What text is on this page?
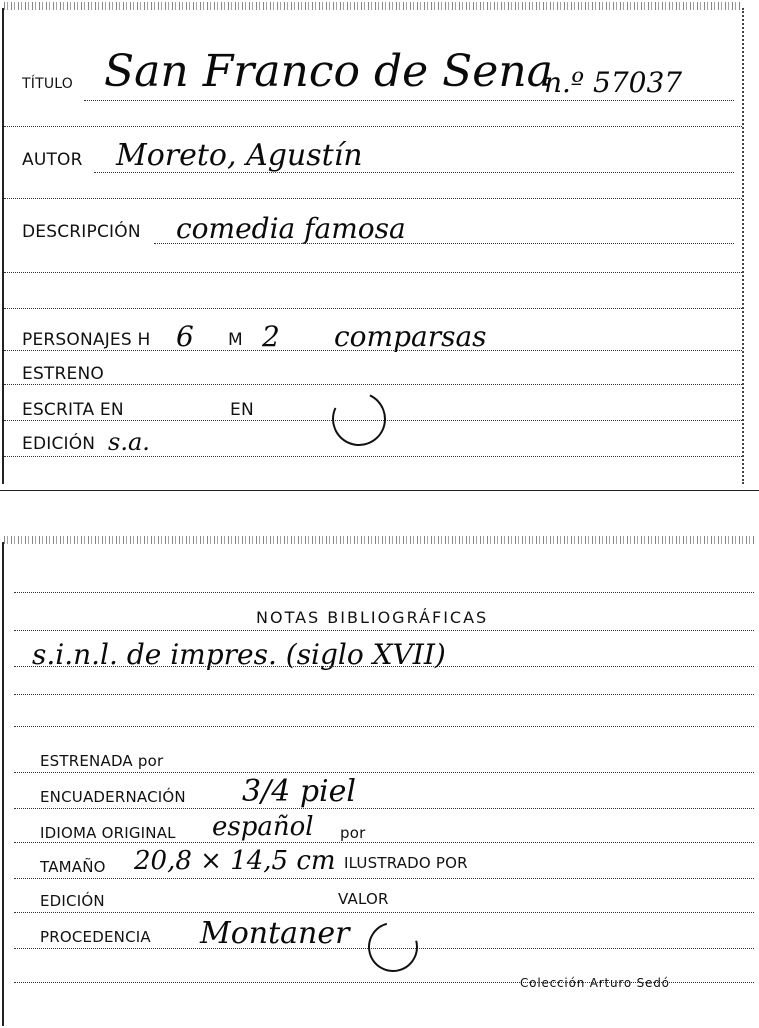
TÍTULO San Franco de Sena
n.º 57037
AUTOR Moreto, Agustín
DESCRIPCIÓN comedia famosa
PERSONAJES H 6 M 2 comparsas
ESTRENO
ESCRITA EN	EN
EDICIÓN s.a.
NOTAS BIBLIOGRÁFICAS
s.i.n.l. de impres. (siglo XVII)
ESTRENADA por
ENCUADERNACIÓN 3/4 piel
IDIOMA ORIGINAL español por
TAMAÑO 20,8 × 14,5 cm ILUSTRADO POR
EDICIÓN	VALOR
PROCEDENCIA Montaner
Colección Arturo Sedó
